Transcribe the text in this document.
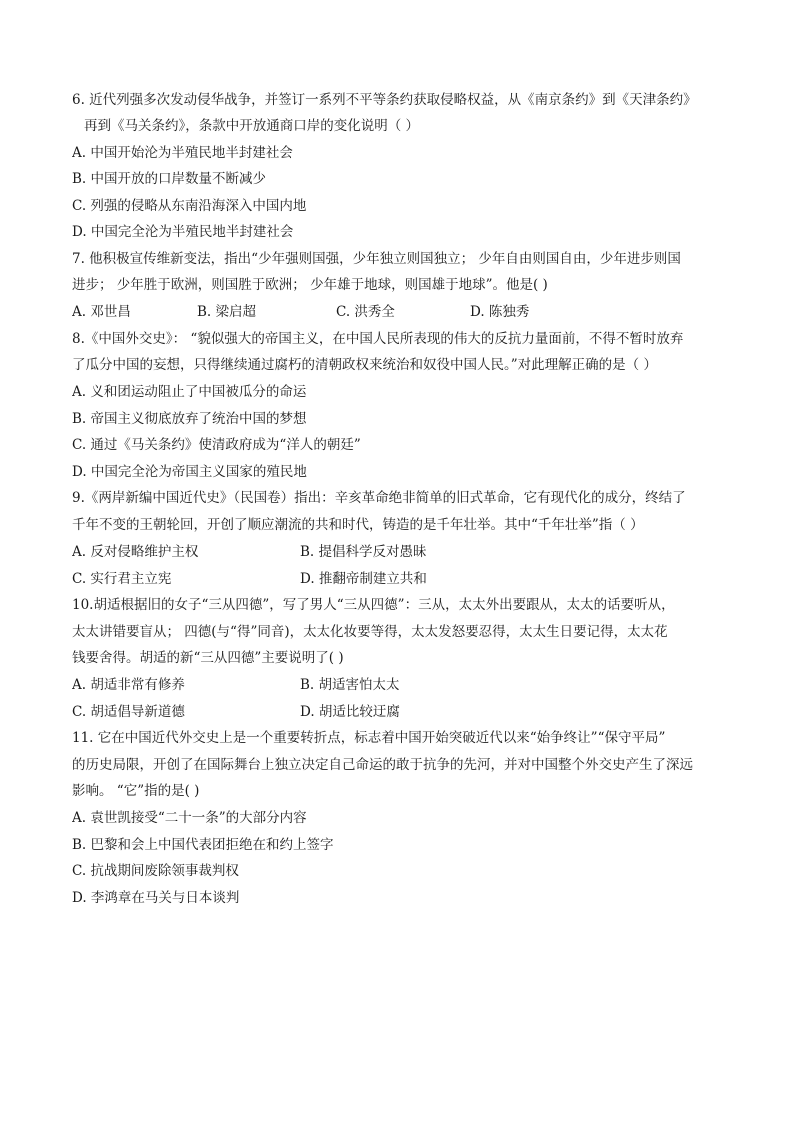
6. 近代列强多次发动侵华战争，并签订一系列不平等条约获取侵略权益，从《南京条约》到《天津条约》
再到《马关条约》，条款中开放通商口岸的变化说明（ ）
A. 中国开始沦为半殖民地半封建社会
B. 中国开放的口岸数量不断减少
C. 列强的侵略从东南沿海深入中国内地
D. 中国完全沦为半殖民地半封建社会
7. 他积极宣传维新变法，指出“少年强则国强，少年独立则国独立； 少年自由则国自由，少年进步则国
进步； 少年胜于欧洲，则国胜于欧洲； 少年雄于地球，则国雄于地球”。他是( )
A. 邓世昌	B. 梁启超	C. 洪秀全	D. 陈独秀
8.《中国外交史》： “貌似强大的帝国主义，在中国人民所表现的伟大的反抗力量面前，不得不暂时放弃
了瓜分中国的妄想，只得继续通过腐朽的清朝政权来统治和奴役中国人民。”对此理解正确的是（ ）
A. 义和团运动阻止了中国被瓜分的命运
B. 帝国主义彻底放弃了统治中国的梦想
C. 通过《马关条约》使清政府成为“洋人的朝廷”
D. 中国完全沦为帝国主义国家的殖民地
9.《两岸新编中国近代史》（民国卷）指出：辛亥革命绝非简单的旧式革命，它有现代化的成分，终结了
千年不变的王朝轮回，开创了顺应潮流的共和时代，铸造的是千年壮举。其中“千年壮举”指（ ）
A. 反对侵略维护主权	B. 提倡科学反对愚昧
C. 实行君主立宪	D. 推翻帝制建立共和
10.胡适根据旧的女子“三从四德”，写了男人“三从四德”：三从，太太外出要跟从，太太的话要听从，
太太讲错要盲从； 四德(与“得”同音)，太太化妆要等得，太太发怒要忍得，太太生日要记得，太太花
钱要舍得。胡适的新“三从四德”主要说明了( )
A. 胡适非常有修养	B. 胡适害怕太太
C. 胡适倡导新道德	D. 胡适比较迂腐
11. 它在中国近代外交史上是一个重要转折点，标志着中国开始突破近代以来“始争终让”“保守平局”
的历史局限，开创了在国际舞台上独立决定自己命运的敢于抗争的先河，并对中国整个外交史产生了深远
影响。 “它”指的是( )
A. 袁世凯接受“二十一条”的大部分内容
B. 巴黎和会上中国代表团拒绝在和约上签字
C. 抗战期间废除领事裁判权
D. 李鸿章在马关与日本谈判
